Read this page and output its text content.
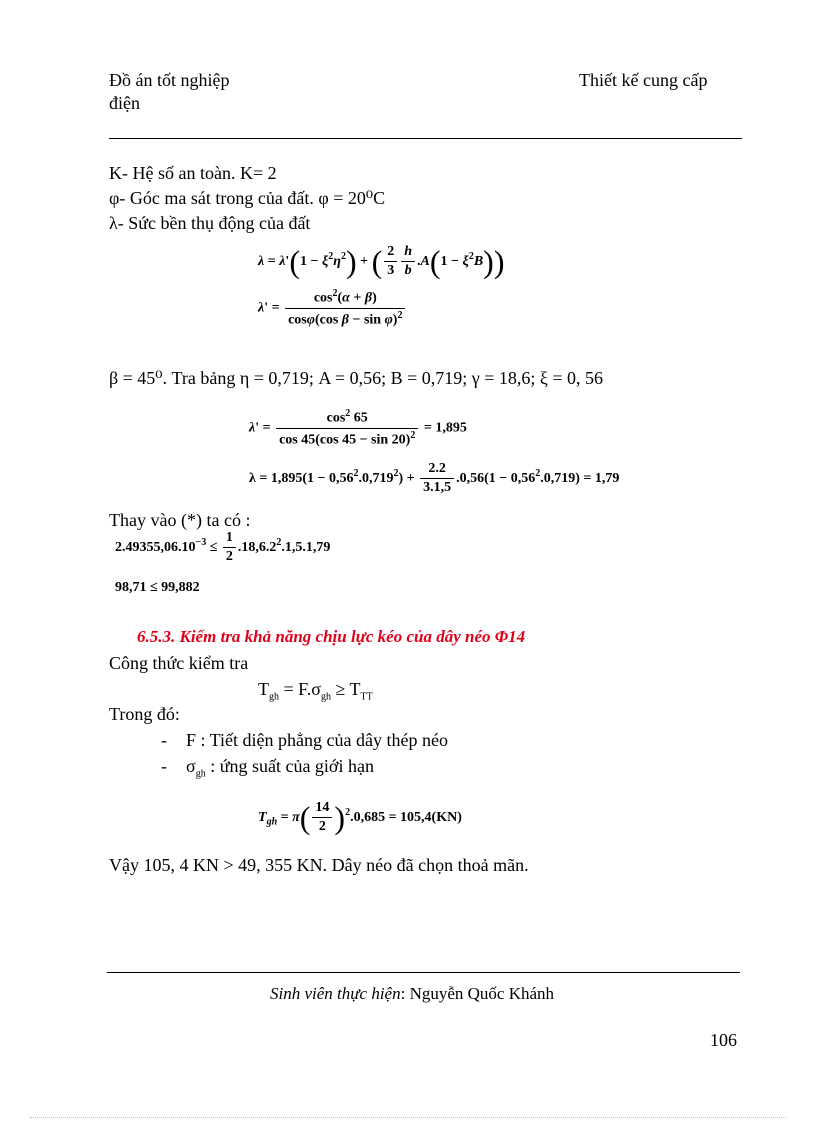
Đồ án tốt nghiệp
điện
Thiết kế cung cấp
K- Hệ số an toàn. K= 2
φ- Góc ma sát trong của đất. φ = 20⁰C
λ- Sức bền thụ động của đất
$\lambda = \lambda'(1 - \xi^2\eta^2)$ + ( $\frac{2}{3} \frac{h}{b} .A(1 - \xi^2B)$)
$\lambda' = \frac{\cos^2(\alpha + \beta)}{\cos\varphi(\cos \beta - \sin \varphi)^2}$
β = 45⁰. Tra bảng η = 0,719; A = 0,56; B = 0,719; γ = 18,6; ξ = 0, 56
$\lambda' = \frac{\cos^2 65}{\cos 45(\cos 45 - \sin 20)^2} = 1,895$
$\lambda = 1,895(1 - 0,56^2.0,719^2) + \frac{2.2}{3.1,5} .0,56(1 - 0,56^2.0,719) = 1,79$
Thay vào (*) ta có :
$2.49355,06.10^{-3} \le \frac{1}{2} .18,6.2^2.1,5.1,79$
98,71 ≤ 99,882
6.5.3. Kiểm tra khả năng chịu lực kéo của dây néo Φ14
Công thức kiểm tra
$T_{gh} = F.\sigma_{gh} \ge T_{TT}$
Trong đó:
- F : Tiết diện phẳng của dây thép néo
- $\sigma_{gh}$ : ứng suất của giới hạn
$T_{gh} = \pi( \frac{14}{2} )^2.0,685 = 105,4(KN)$
Vậy 105, 4 KN > 49, 355 KN. Dây néo đã chọn thoả mãn.
Sinh viên thực hiện: Nguyễn Quốc Khánh
106
